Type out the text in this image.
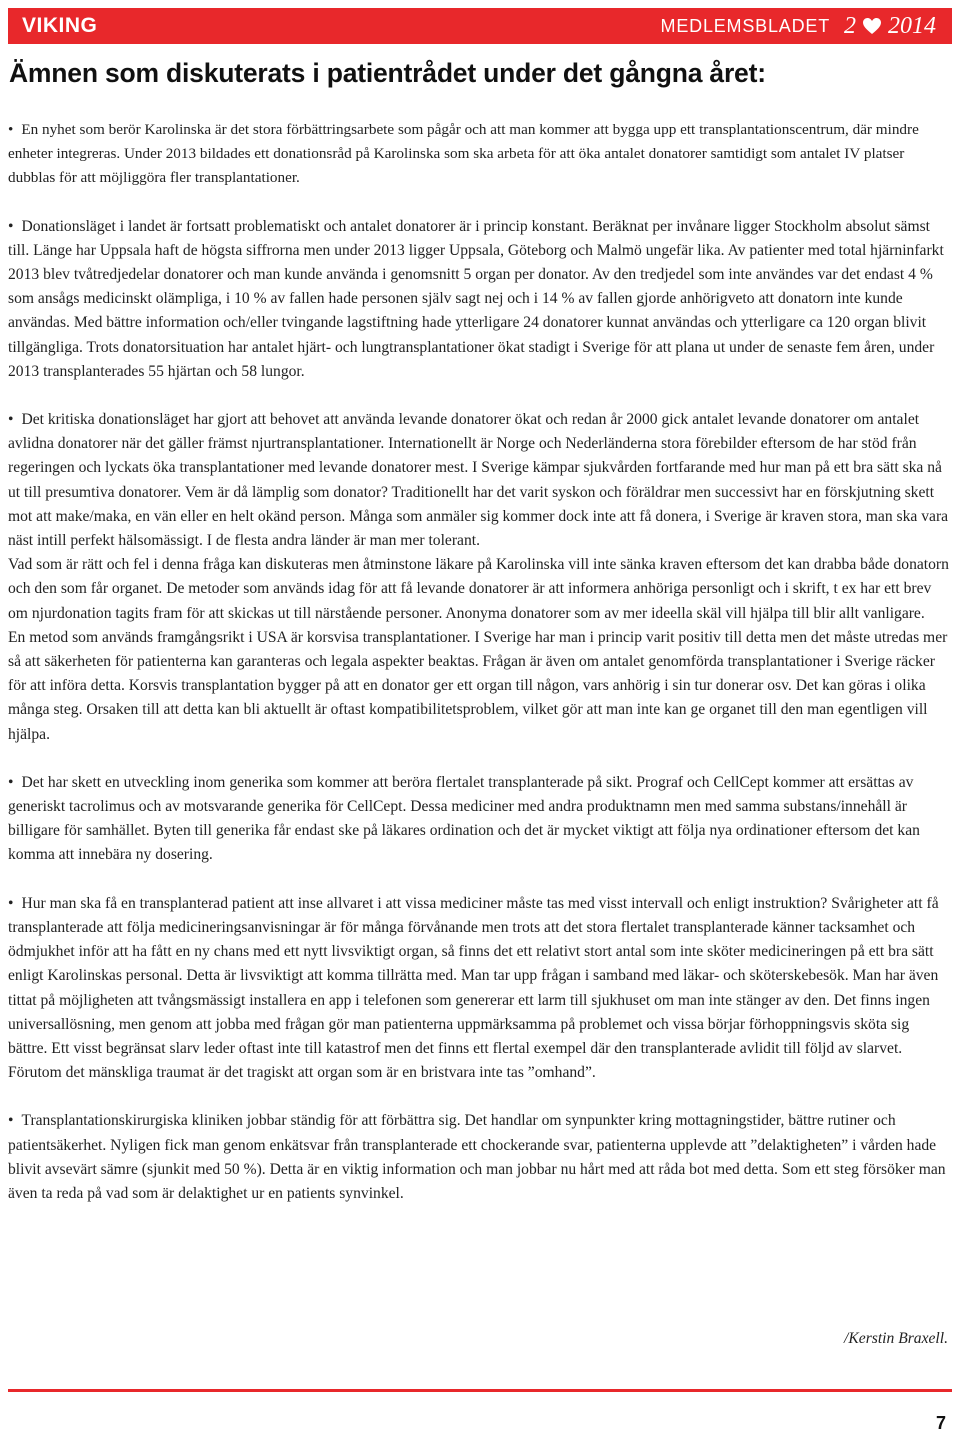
VIKING	MEDLEMSBLADET 2 2014
Ämnen som diskuterats i patientrådet under det gångna året:

• En nyhet som berör Karolinska är det stora förbättringsarbete som pågår och att man kommer att bygga upp ett transplantationscentrum, där mindre enheter integreras. Under 2013 bildades ett donationsråd på Karolinska som ska arbeta för att öka antalet donatorer samtidigt som antalet IV platser dubblas för att möjliggöra fler transplantationer.

• Donationsläget i landet är fortsatt problematiskt och antalet donatorer är i princip konstant. Beräknat per invånare ligger Stockholm absolut sämst till. Länge har Uppsala haft de högsta siffrorna men under 2013 ligger Uppsala, Göteborg och Malmö ungefär lika. Av patienter med total hjärninfarkt 2013 blev tvåtredjedelar donatorer och man kunde använda i genomsnitt 5 organ per donator. Av den tredjedel som inte användes var det endast 4 % som ansågs medicinskt olämpliga, i 10 % av fallen hade personen själv sagt nej och i 14 % av fallen gjorde anhörigveto att donatorn inte kunde användas. Med bättre information och/eller tvingande lagstiftning hade ytterligare 24 donatorer kunnat användas och ytterligare ca 120 organ blivit tillgängliga. Trots donatorsituation har antalet hjärt- och lungtransplantationer ökat stadigt i Sverige för att plana ut under de senaste fem åren, under 2013 transplanterades 55 hjärtan och 58 lungor.

• Det kritiska donationsläget har gjort att behovet att använda levande donatorer ökat och redan år 2000 gick antalet levande donatorer om antalet avlidna donatorer när det gäller främst njurtransplantationer. Internationellt är Norge och Nederländerna stora förebilder eftersom de har stöd från regeringen och lyckats öka transplantationer med levande donatorer mest. I Sverige kämpar sjukvården fortfarande med hur man på ett bra sätt ska nå ut till presumtiva donatorer. Vem är då lämplig som donator? Traditionellt har det varit syskon och föräldrar men successivt har en förskjutning skett mot att make/maka, en vän eller en helt okänd person. Många som anmäler sig kommer dock inte att få donera, i Sverige är kraven stora, man ska vara näst intill perfekt hälsomässigt. I de flesta andra länder är man mer tolerant.

Vad som är rätt och fel i denna fråga kan diskuteras men åtminstone läkare på Karolinska vill inte sänka kraven eftersom det kan drabba både donatorn och den som får organet. De metoder som används idag för att få levande donatorer är att informera anhöriga personligt och i skrift, t ex har ett brev om njurdonation tagits fram för att skickas ut till närstående personer. Anonyma donatorer som av mer ideella skäl vill hjälpa till blir allt vanligare.

En metod som används framgångsrikt i USA är korsvisa transplantationer. I Sverige har man i princip varit positiv till detta men det måste utredas mer så att säkerheten för patienterna kan garanteras och legala aspekter beaktas. Frågan är även om antalet genomförda transplantationer i Sverige räcker för att införa detta. Korsvis transplantation bygger på att en donator ger ett organ till någon, vars anhörig i sin tur donerar osv. Det kan göras i olika många steg. Orsaken till att detta kan bli aktuellt är oftast kompatibilitetsproblem, vilket gör att man inte kan ge organet till den man egentligen vill hjälpa.

• Det har skett en utveckling inom generika som kommer att beröra flertalet transplanterade på sikt. Prograf och CellCept kommer att ersättas av generiskt tacrolimus och av motsvarande generika för CellCept. Dessa mediciner med andra produktnamn men med samma substans/innehåll är billigare för samhället. Byten till generika får endast ske på läkares ordination och det är mycket viktigt att följa nya ordinationer eftersom det kan komma att innebära ny dosering.

• Hur man ska få en transplanterad patient att inse allvaret i att vissa mediciner måste tas med visst intervall och enligt instruktion? Svårigheter att få transplanterade att följa medicineringsanvisningar är för många förvånande men trots att det stora flertalet transplanterade känner tacksamhet och ödmjukhet inför att ha fått en ny chans med ett nytt livsviktigt organ, så finns det ett relativt stort antal som inte sköter medicineringen på ett bra sätt enligt Karolinskas personal. Detta är livsviktigt att komma tillrätta med. Man tar upp frågan i samband med läkar- och sköterskebesök. Man har även tittat på möjligheten att tvångsmässigt installera en app i telefonen som genererar ett larm till sjukhuset om man inte stänger av den. Det finns ingen universallösning, men genom att jobba med frågan gör man patienterna uppmärksamma på problemet och vissa börjar förhoppningsvis sköta sig bättre. Ett visst begränsat slarv leder oftast inte till katastrof men det finns ett flertal exempel där den transplanterade avlidit till följd av slarvet. Förutom det mänskliga traumat är det tragiskt att organ som är en bristvara inte tas ”omhand”.

• Transplantationskirurgiska kliniken jobbar ständig för att förbättra sig. Det handlar om synpunkter kring mottagningstider, bättre rutiner och patientsäkerhet. Nyligen fick man genom enkätsvar från transplanterade ett chockerande svar, patienterna upplevde att ”delaktigheten” i vården hade blivit avsevärt sämre (sjunkit med 50 %). Detta är en viktig information och man jobbar nu hårt med att råda bot med detta. Som ett steg försöker man även ta reda på vad som är delaktighet ur en patients synvinkel.

/Kerstin Braxell.
7
